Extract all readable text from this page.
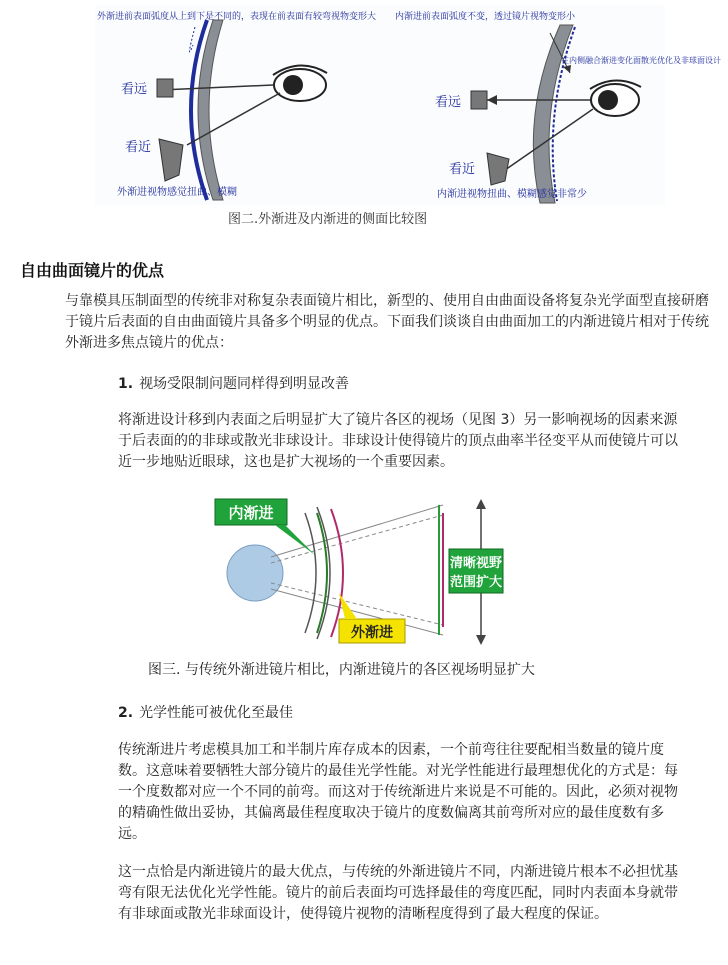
外渐进前表面弧度从上到下是不同的，表现在前表面有较弯视物变形大
看远
看近
外渐进视物感觉扭曲、模糊
内渐进前表面弧度不变，透过镜片视物变形小
在内侧融合渐进变化面散光优化及非球面设计
看远
看近
内渐进视物扭曲、模糊感觉非常少
图二.外渐进及内渐进的侧面比较图
自由曲面镜片的优点
与靠模具压制面型的传统非对称复杂表面镜片相比，新型的、使用自由曲面设备将复杂光学面型直接研磨于镜片后表面的自由曲面镜片具备多个明显的优点。下面我们谈谈自由曲面加工的内渐进镜片相对于传统外渐进多焦点镜片的优点：
1. 视场受限制问题同样得到明显改善
将渐进设计移到内表面之后明显扩大了镜片各区的视场（见图 3）另一影响视场的因素来源于后表面的的非球或散光非球设计。非球设计使得镜片的顶点曲率半径变平从而使镜片可以近一步地贴近眼球，这也是扩大视场的一个重要因素。
内渐进
外渐进
清晰视野
范围扩大
图三. 与传统外渐进镜片相比，内渐进镜片的各区视场明显扩大
2. 光学性能可被优化至最佳
传统渐进片考虑模具加工和半制片库存成本的因素，一个前弯往往要配相当数量的镜片度数。这意味着要牺牲大部分镜片的最佳光学性能。对光学性能进行最理想优化的方式是：每一个度数都对应一个不同的前弯。而这对于传统渐进片来说是不可能的。因此，必须对视物的精确性做出妥协，其偏离最佳程度取决于镜片的度数偏离其前弯所对应的最佳度数有多远。
这一点恰是内渐进镜片的最大优点，与传统的外渐进镜片不同，内渐进镜片根本不必担忧基弯有限无法优化光学性能。镜片的前后表面均可选择最佳的弯度匹配，同时内表面本身就带有非球面或散光非球面设计，使得镜片视物的清晰程度得到了最大程度的保证。
